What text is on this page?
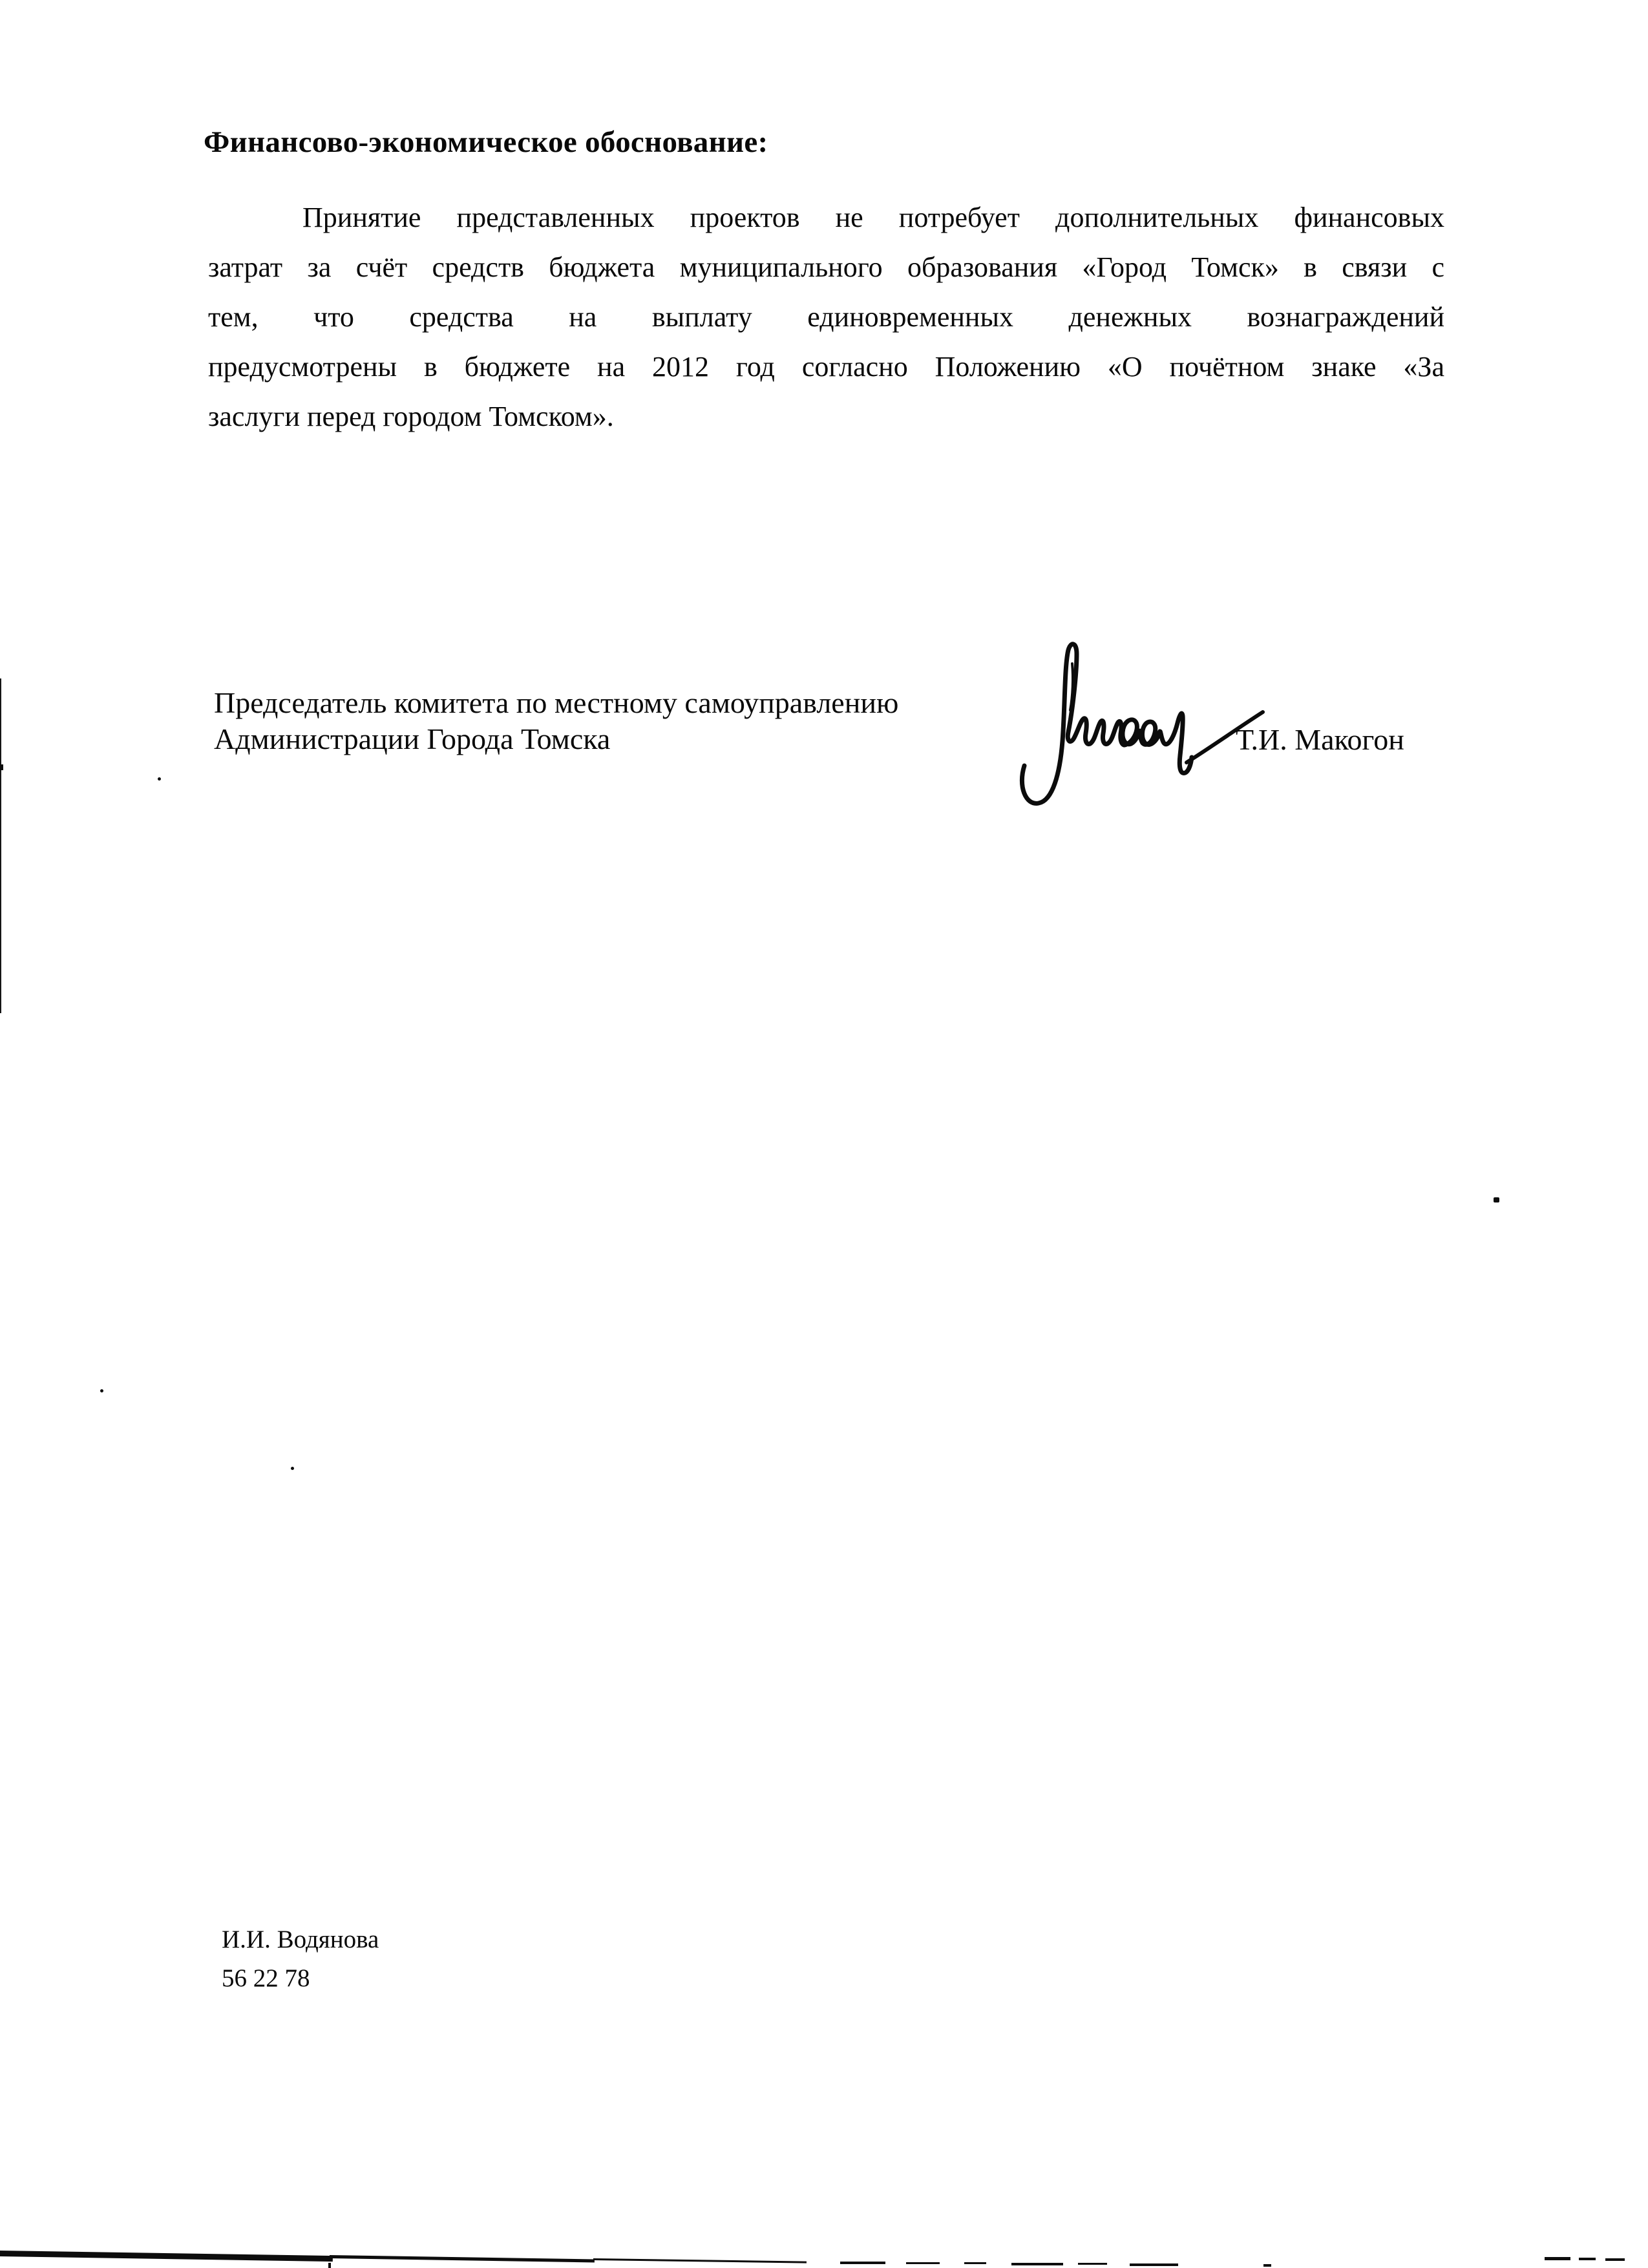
Финансово-экономическое обоснование:
Принятие представленных проектов не потребует дополнительных финансовых
затрат за счёт средств бюджета муниципального образования «Город Томск» в связи с
тем, что средства на выплату единовременных денежных вознаграждений
предусмотрены в бюджете на 2012 год согласно Положению «О почётном знаке «За
заслуги перед городом Томском».
Председатель комитета по местному самоуправлению
Администрации Города Томска	Т.И. Макогон
И.И. Водянова
56 22 78
